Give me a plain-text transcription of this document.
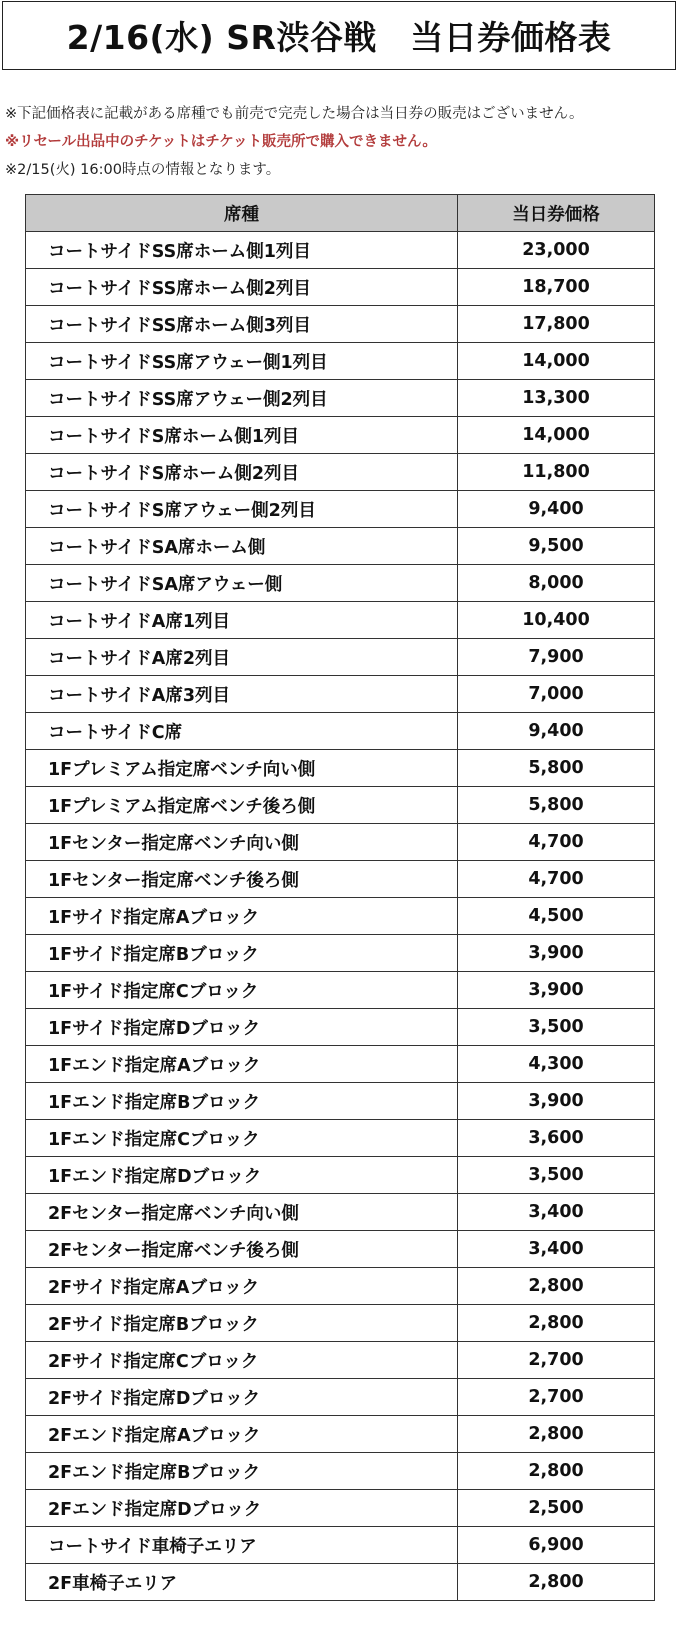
2/16(水) SR渋谷戦　当日券価格表
※下記価格表に記載がある席種でも前売で完売した場合は当日券の販売はございません。
※リセール出品中のチケットはチケット販売所で購入できません。
※2/15(火) 16:00時点の情報となります。
席種	当日券価格
コートサイドSS席ホーム側1列目	23,000
コートサイドSS席ホーム側2列目	18,700
コートサイドSS席ホーム側3列目	17,800
コートサイドSS席アウェー側1列目	14,000
コートサイドSS席アウェー側2列目	13,300
コートサイドS席ホーム側1列目	14,000
コートサイドS席ホーム側2列目	11,800
コートサイドS席アウェー側2列目	9,400
コートサイドSA席ホーム側	9,500
コートサイドSA席アウェー側	8,000
コートサイドA席1列目	10,400
コートサイドA席2列目	7,900
コートサイドA席3列目	7,000
コートサイドC席	9,400
1Fプレミアム指定席ベンチ向い側	5,800
1Fプレミアム指定席ベンチ後ろ側	5,800
1Fセンター指定席ベンチ向い側	4,700
1Fセンター指定席ベンチ後ろ側	4,700
1Fサイド指定席Aブロック	4,500
1Fサイド指定席Bブロック	3,900
1Fサイド指定席Cブロック	3,900
1Fサイド指定席Dブロック	3,500
1Fエンド指定席Aブロック	4,300
1Fエンド指定席Bブロック	3,900
1Fエンド指定席Cブロック	3,600
1Fエンド指定席Dブロック	3,500
2Fセンター指定席ベンチ向い側	3,400
2Fセンター指定席ベンチ後ろ側	3,400
2Fサイド指定席Aブロック	2,800
2Fサイド指定席Bブロック	2,800
2Fサイド指定席Cブロック	2,700
2Fサイド指定席Dブロック	2,700
2Fエンド指定席Aブロック	2,800
2Fエンド指定席Bブロック	2,800
2Fエンド指定席Dブロック	2,500
コートサイド車椅子エリア	6,900
2F車椅子エリア	2,800
